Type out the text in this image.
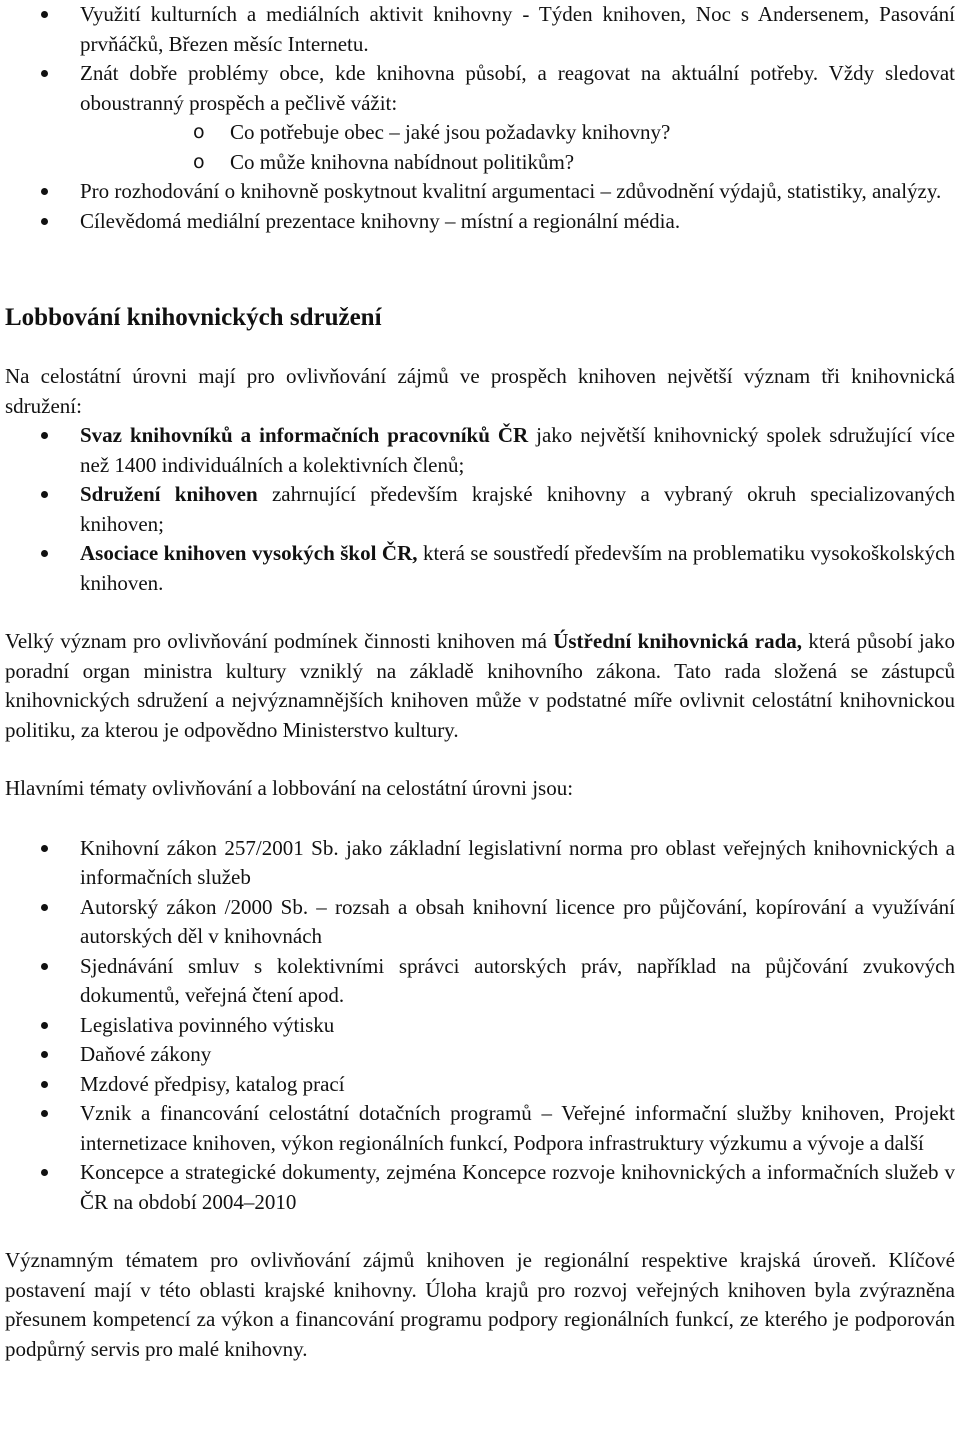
Využití kulturních a mediálních aktivit knihovny - Týden knihoven, Noc s Andersenem, Pasování prvňáčků, Březen měsíc Internetu.
Znát dobře problémy obce, kde knihovna působí, a reagovat na aktuální potřeby. Vždy sledovat oboustranný prospěch a pečlivě vážit:
o Co potřebuje obec – jaké jsou požadavky knihovny?
o Co může knihovna nabídnout politikům?
Pro rozhodování o knihovně poskytnout kvalitní argumentaci – zdůvodnění výdajů, statistiky, analýzy.
Cílevědomá mediální prezentace knihovny – místní a regionální média.
Lobbování knihovnických sdružení

Na celostátní úrovni mají pro ovlivňování zájmů ve prospěch knihoven největší význam tři knihovnická sdružení:

Svaz knihovníků a informačních pracovníků ČR jako největší knihovnický spolek sdružující více než 1400 individuálních a kolektivních členů;
Sdružení knihoven zahrnující především krajské knihovny a vybraný okruh specializovaných knihoven;
Asociace knihoven vysokých škol ČR, která se soustředí především na problematiku vysokoškolských knihoven.

Velký význam pro ovlivňování podmínek činnosti knihoven má Ústřední knihovnická rada, která působí jako poradní organ ministra kultury vzniklý na základě knihovního zákona. Tato rada složená se zástupců knihovnických sdružení a nejvýznamnějších knihoven může v podstatné míře ovlivnit celostátní knihovnickou politiku, za kterou je odpovědno Ministerstvo kultury.

Hlavními tématy ovlivňování a lobbování na celostátní úrovni jsou:

Knihovní zákon 257/2001 Sb. jako základní legislativní norma pro oblast veřejných knihovnických a informačních služeb
Autorský zákon /2000 Sb. – rozsah a obsah knihovní licence pro půjčování, kopírování a využívání autorských děl v knihovnách
Sjednávání smluv s kolektivními správci autorských práv, například na půjčování zvukových dokumentů, veřejná čtení apod.
Legislativa povinného výtisku
Daňové zákony
Mzdové předpisy, katalog prací
Vznik a financování celostátní dotačních programů – Veřejné informační služby knihoven, Projekt internetizace knihoven, výkon regionálních funkcí, Podpora infrastruktury výzkumu a vývoje a další
Koncepce a strategické dokumenty, zejména Koncepce rozvoje knihovnických a informačních služeb v ČR na období 2004–2010

Významným tématem pro ovlivňování zájmů knihoven je regionální respektive krajská úroveň. Klíčové postavení mají v této oblasti krajské knihovny. Úloha krajů pro rozvoj veřejných knihoven byla zvýrazněna přesunem kompetencí za výkon a financování programu podpory regionálních funkcí, ze kterého je podporován podpůrný servis pro malé knihovny.
